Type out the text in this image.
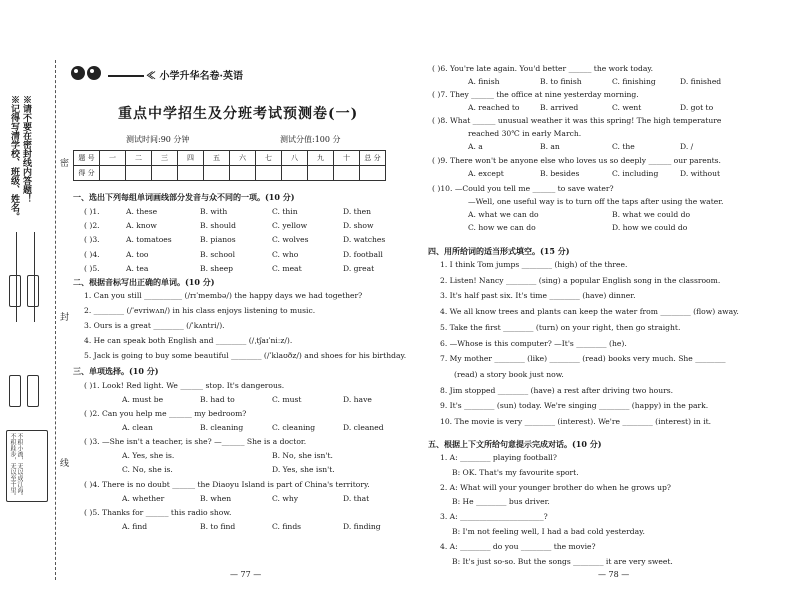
※请不要在密封线内答题！
※记得写清学校、班级、姓名。
不积小流，无以成江海。不积跬步，无以至千里。
密
封
线
≪ 小学升华名卷·英语
重点中学招生及分班考试预测卷(一)
测试时间:90 分钟	测试分值:100 分
题 号	一	二	三	四	五	六	七	八	九	十	总 分
得 分											
一、选出下列每组单词画线部分发音与众不同的一项。(10 分)
( )1.	A. these	B. with	C. thin	D. then
( )2.	A. know	B. should	C. yellow	D. show
( )3.	A. tomatoes	B. pianos	C. wolves	D. watches
( )4.	A. too	B. school	C. who	D. football
( )5.	A. tea	B. sheep	C. meat	D. great
二、根据音标写出正确的单词。(10 分)
1. Can you still __________ (/rɪˈmembə/) the happy days we had together?
2. ________ (/ˈevriwʌn/) in his class enjoys listening to music.
3. Ours is a great ________ (/ˈkʌntri/).
4. He can speak both English and ________ (/ˌtʃaɪˈniːz/).
5. Jack is going to buy some beautiful ________ (/ˈklaʊðz/) and shoes for his birthday.
三、单项选择。(10 分)
( )1. Look! Red light. We ______ stop. It's dangerous.
A. must be	B. had to	C. must	D. have
( )2. Can you help me ______ my bedroom?
A. clean	B. cleaning	C. cleaning	D. cleaned
( )3. —She isn't a teacher, is she? —______ She is a doctor.
A. Yes, she is.	B. No, she isn't.
C. No, she is.	D. Yes, she isn't.
( )4. There is no doubt ______ the Diaoyu Island is part of China's territory.
A. whether	B. when	C. why	D. that
( )5. Thanks for ______ this radio show.
A. find	B. to find	C. finds	D. finding
( )6. You're late again. You'd better ______ the work today.
A. finish	B. to finish	C. finishing	D. finished
( )7. They ______ the office at nine yesterday morning.
A. reached to	B. arrived	C. went	D. got to
( )8. What ______ unusual weather it was this spring! The high temperature
reached 30℃ in early March.
A. a	B. an	C. the	D. /
( )9. There won't be anyone else who loves us so deeply ______ our parents.
A. except	B. besides	C. including	D. without
( )10. —Could you tell me ______ to save water?
—Well, one useful way is to turn off the taps after using the water.
A. what we can do	B. what we could do
C. how we can do	D. how we could do
四、用所给词的适当形式填空。(15 分)
1. I think Tom jumps ________ (high) of the three.
2. Listen! Nancy ________ (sing) a popular English song in the classroom.
3. It's half past six. It's time ________ (have) dinner.
4. We all know trees and plants can keep the water from ________ (flow) away.
5. Take the first ________ (turn) on your right, then go straight.
6. —Whose is this computer? —It's ________ (he).
7. My mother ________ (like) ________ (read) books very much. She ________
(read) a story book just now.
8. Jim stopped ________ (have) a rest after driving two hours.
9. It's ________ (sun) today. We're singing ________ (happy) in the park.
10. The movie is very ________ (interest). We're ________ (interest) in it.
五、根据上下文所给句意提示完成对话。(10 分)
1. A: ________ playing football?
B: OK. That's my favourite sport.
2. A: What will your younger brother do when he grows up?
B: He ________ bus driver.
3. A: ______________________?
B: I'm not feeling well, I had a bad cold yesterday.
4. A: ________ do you ________ the movie?
B: It's just so-so. But the songs ________ it are very sweet.
— 77 —	— 78 —
